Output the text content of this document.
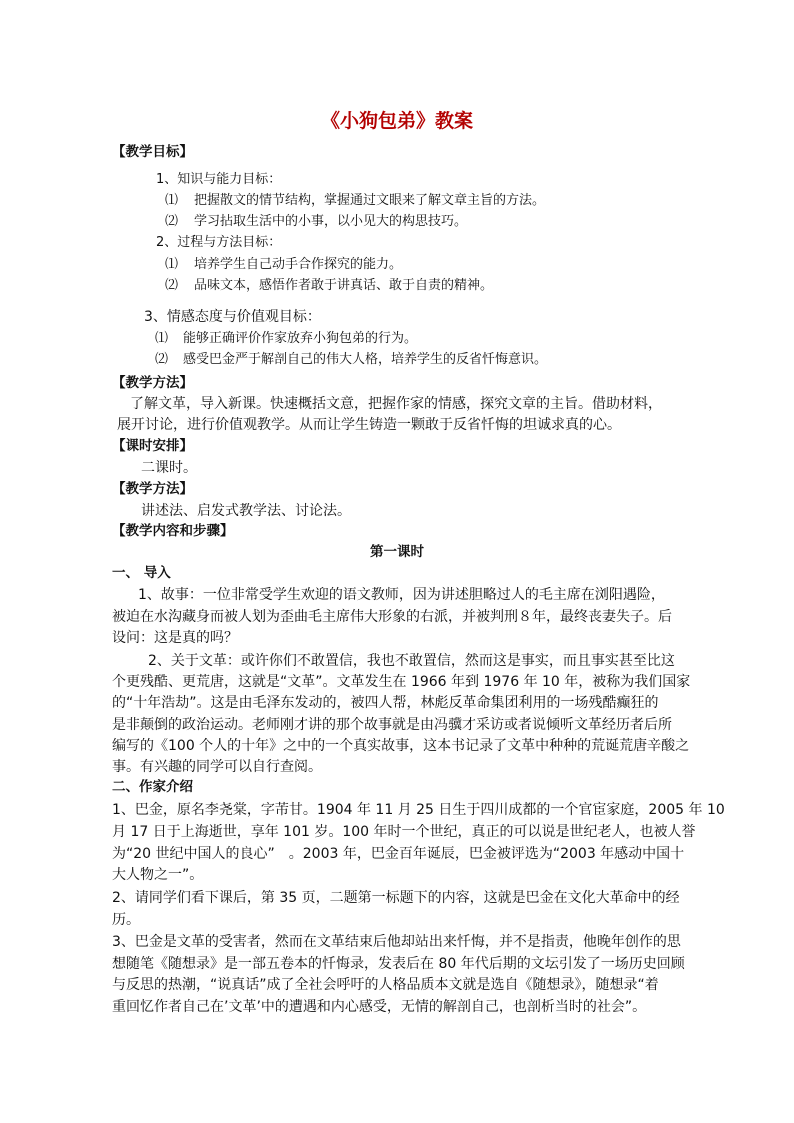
《小狗包弟》教案
【教学目标】
1、知识与能力目标：
⑴ 把握散文的情节结构，掌握通过文眼来了解文章主旨的方法。
⑵ 学习拈取生活中的小事，以小见大的构思技巧。
2、过程与方法目标：
⑴ 培养学生自己动手合作探究的能力。
⑵ 品味文本，感悟作者敢于讲真话、敢于自责的精神。
3、情感态度与价值观目标：
⑴ 能够正确评价作家放弃小狗包弟的行为。
⑵ 感受巴金严于解剖自己的伟大人格，培养学生的反省忏悔意识。
【教学方法】
了解文革，导入新课。快速概括文意，把握作家的情感，探究文章的主旨。借助材料，
展开讨论，进行价值观教学。从而让学生铸造一颗敢于反省忏悔的坦诚求真的心。
【课时安排】
二课时。
【教学方法】
讲述法、启发式教学法、讨论法。
【教学内容和步骤】
第一课时
一、 导入
1、故事：一位非常受学生欢迎的语文教师，因为讲述胆略过人的毛主席在浏阳遇险，
被迫在水沟藏身而被人划为歪曲毛主席伟大形象的右派，并被判刑８年，最终丧妻失子。后
设问：这是真的吗？
2、关于文革：或许你们不敢置信，我也不敢置信，然而这是事实，而且事实甚至比这
个更残酷、更荒唐，这就是“文革”。文革发生在 1966 年到 1976 年 10 年，被称为我们国家
的“十年浩劫”。这是由毛泽东发动的，被四人帮，林彪反革命集团利用的一场残酷癫狂的
是非颠倒的政治运动。老师刚才讲的那个故事就是由冯骥才采访或者说倾听文革经历者后所
编写的《100 个人的十年》之中的一个真实故事，这本书记录了文革中种种的荒诞荒唐辛酸之
事。有兴趣的同学可以自行查阅。
二、作家介绍
1、巴金，原名李尧棠，字芾甘。1904 年 11 月 25 日生于四川成都的一个官宦家庭，2005 年 10
月 17 日于上海逝世，享年 101 岁。100 年时一个世纪，真正的可以说是世纪老人，也被人誉
为“20 世纪中国人的良心”　。2003 年，巴金百年诞辰，巴金被评选为“2003 年感动中国十
大人物之一”。
2、请同学们看下课后，第 35 页，二题第一标题下的内容，这就是巴金在文化大革命中的经
历。
3、巴金是文革的受害者，然而在文革结束后他却站出来忏悔，并不是指责，他晚年创作的思
想随笔《随想录》是一部五卷本的忏悔录，发表后在 80 年代后期的文坛引发了一场历史回顾
与反思的热潮，“说真话”成了全社会呼吁的人格品质本文就是选自《随想录》，随想录“着
重回忆作者自己在’文革’中的遭遇和内心感受，无情的解剖自己，也剖析当时的社会”。
